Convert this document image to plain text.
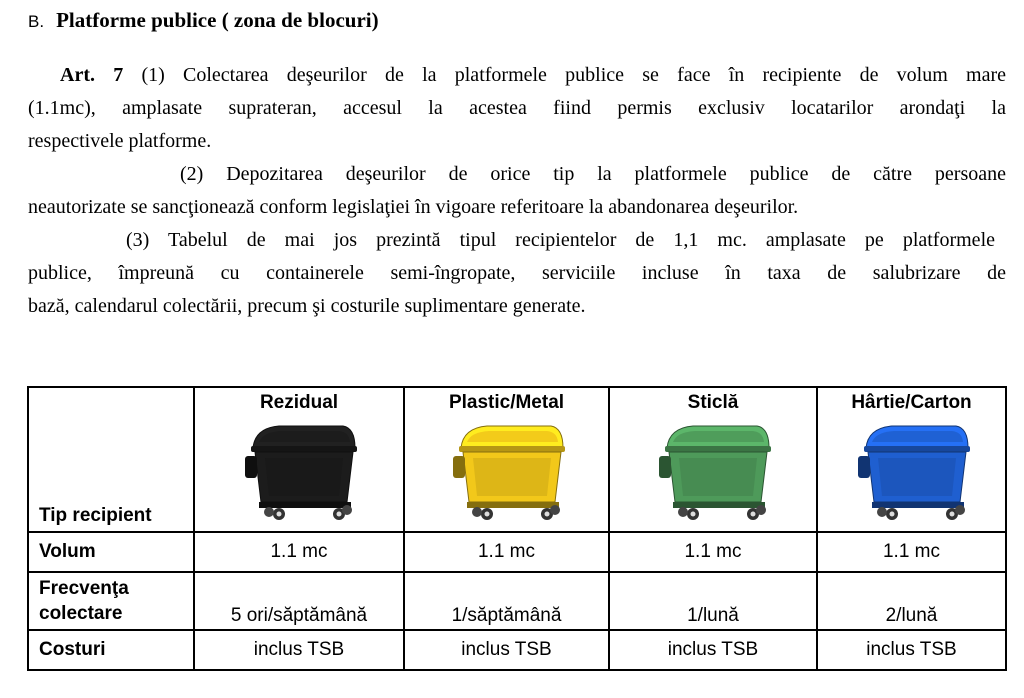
B. Platforme publice ( zona de blocuri)
Art. 7 (1) Colectarea deşeurilor de la platformele publice se face în recipiente de volum mare
(1.1mc), amplasate suprateran, accesul la acestea fiind permis exclusiv locatarilor arondaţi la
respectivele platforme.
(2) Depozitarea deşeurilor de orice tip la platformele publice de către persoane
neautorizate se sancţionează conform legislaţiei în vigoare referitoare la abandonarea deşeurilor.
(3) Tabelul de mai jos prezintă tipul recipientelor de 1,1 mc. amplasate pe platformele
publice, împreună cu containerele semi-îngropate, serviciile incluse în taxa de salubrizare de
bază, calendarul colectării, precum şi costurile suplimentare generate.
Tip recipient	Rezidual	Plastic/Metal	Sticlă	Hârtie/Carton

Volum	1.1 mc	1.1 mc	1.1 mc	1.1 mc
Frecvenţa
colectare	5 ori/săptămână	1/săptămână	1/lună	2/lună
Costuri	inclus TSB	inclus TSB	inclus TSB	inclus TSB
